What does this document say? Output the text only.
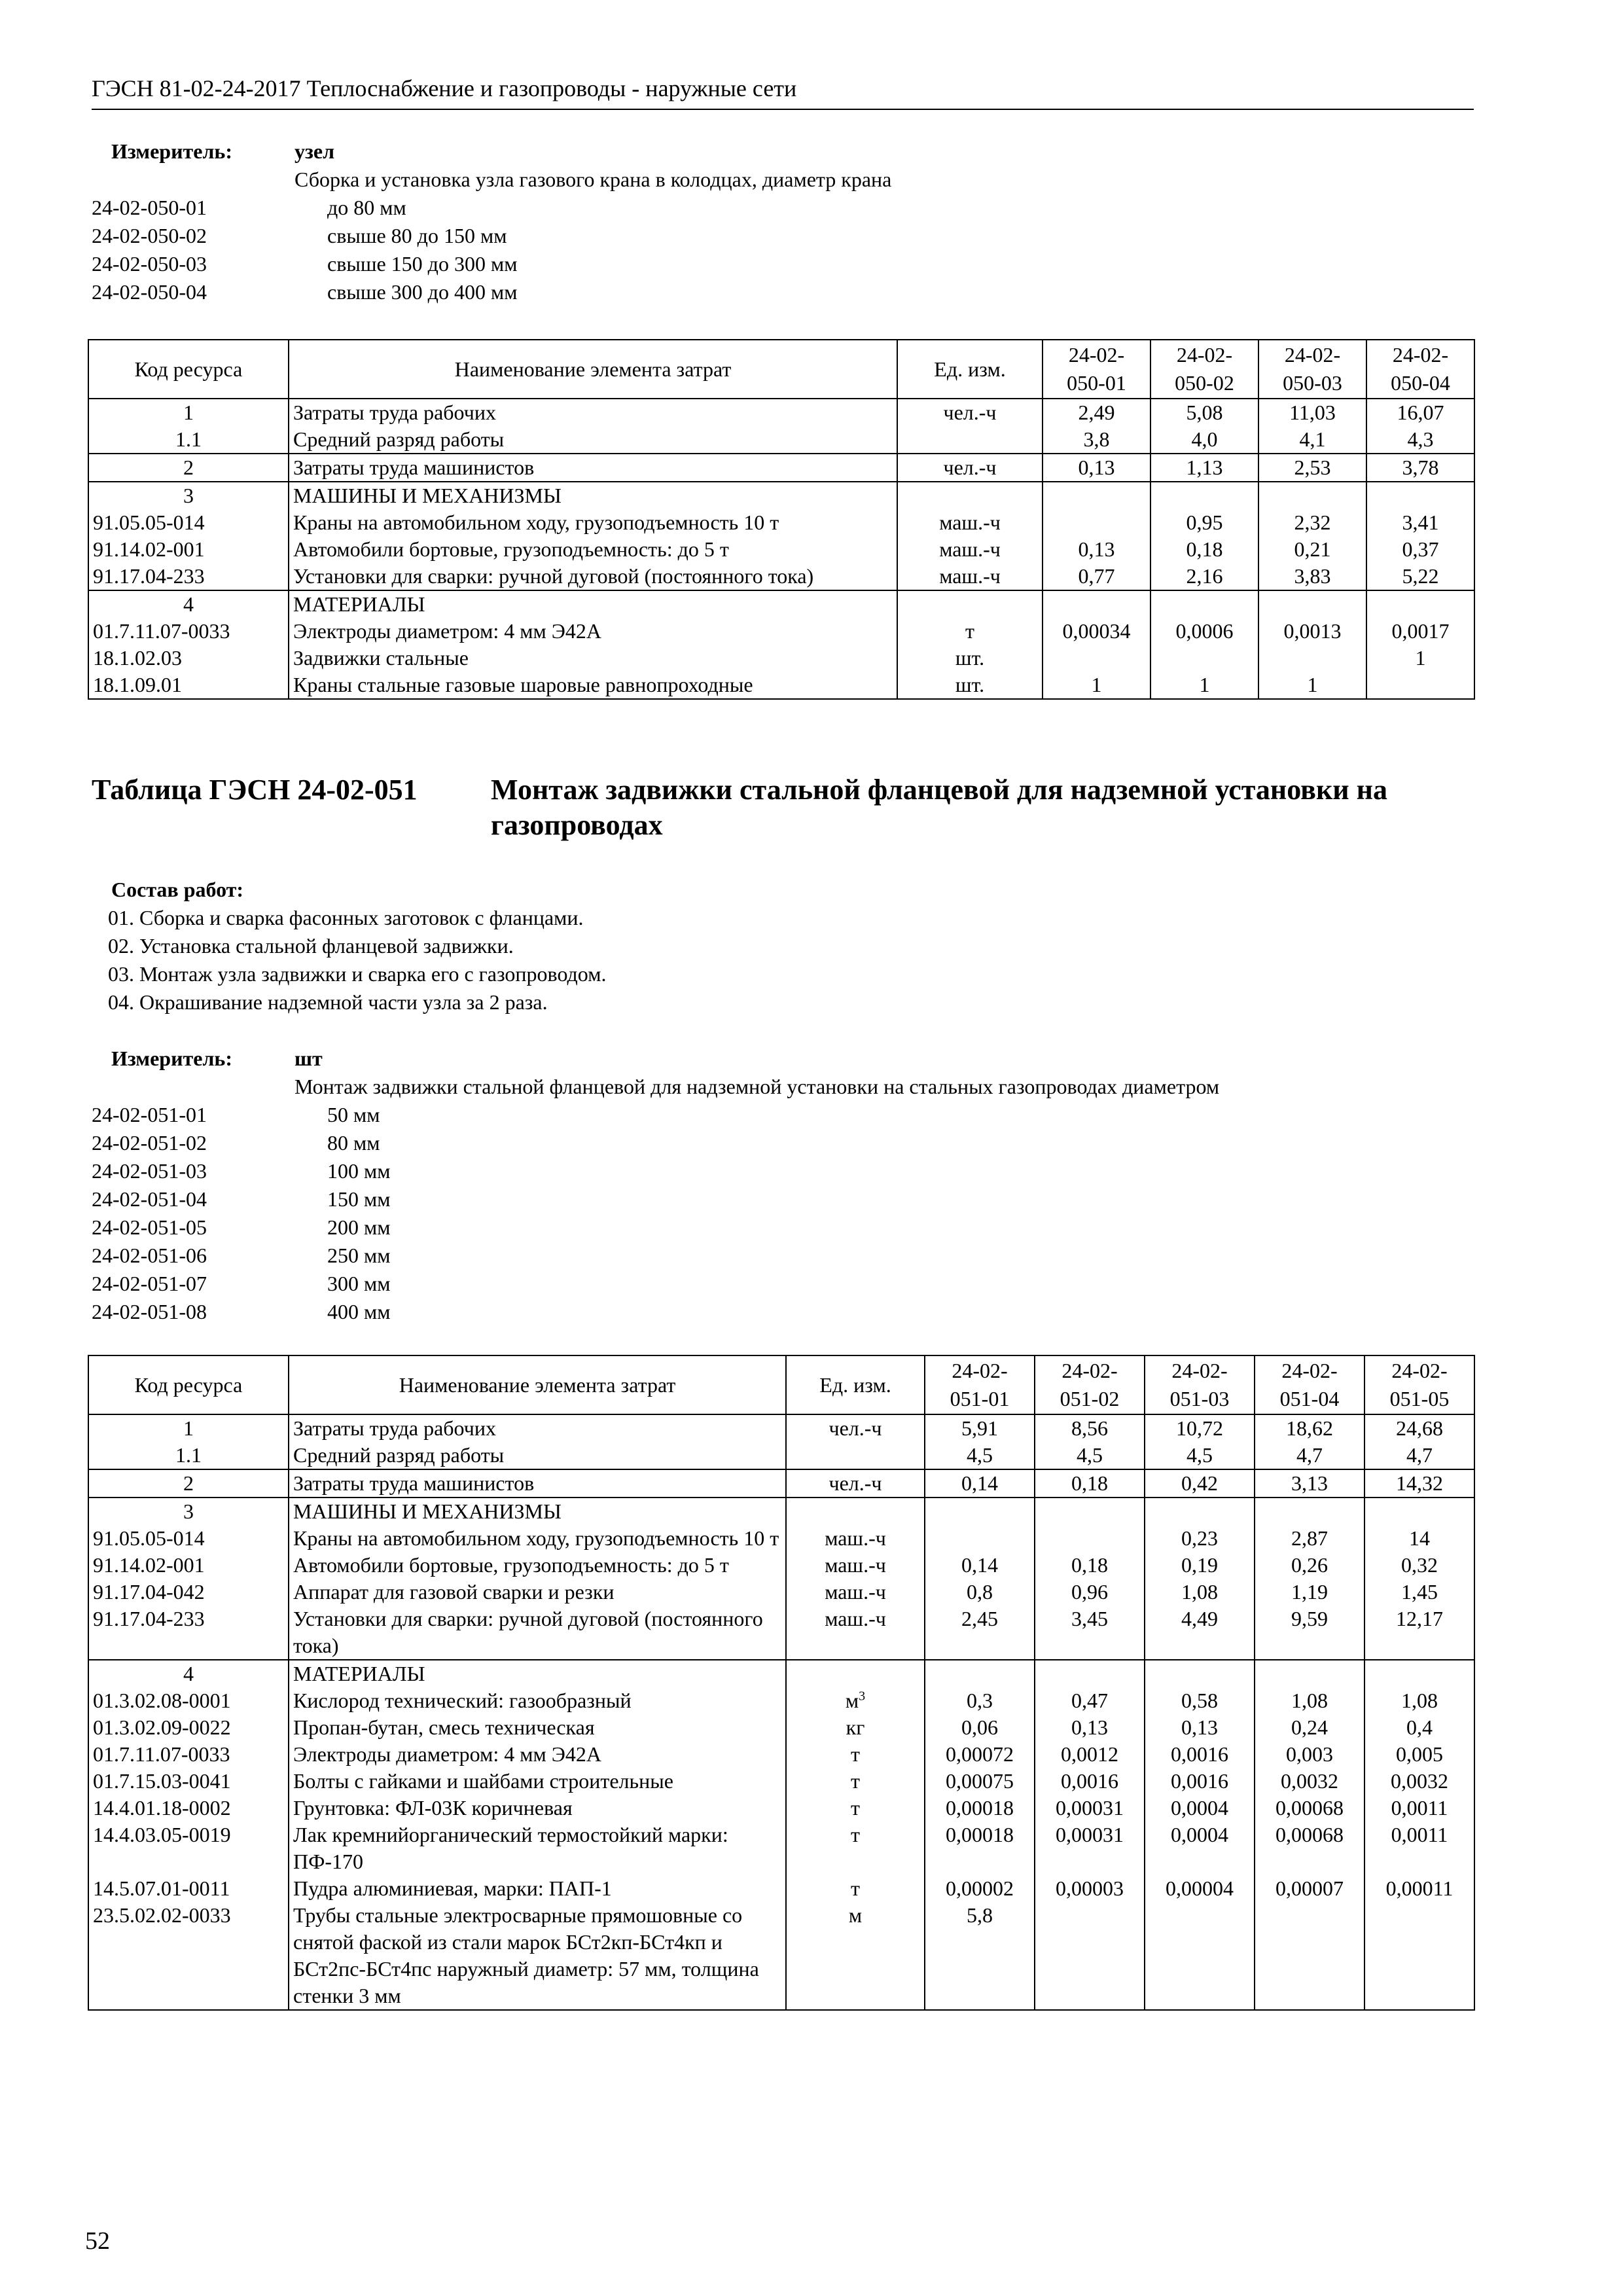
ГЭСН 81-02-24-2017 Теплоснабжение и газопроводы - наружные сети
Измеритель:	узел
Сборка и установка узла газового крана в колодцах, диаметр крана
24-02-050-01	до 80 мм
24-02-050-02	свыше 80 до 150 мм
24-02-050-03	свыше 150 до 300 мм
24-02-050-04	свыше 300 до 400 мм
Код ресурса	Наименование элемента затрат	Ед. изм.	24-02-
050-01	24-02-
050-02	24-02-
050-03	24-02-
050-04
1	Затраты труда рабочих	чел.-ч	2,49	5,08	11,03	16,07
1.1	Средний разряд работы		3,8	4,0	4,1	4,3
2	Затраты труда машинистов	чел.-ч	0,13	1,13	2,53	3,78
3	МАШИНЫ И МЕХАНИЗМЫ					
91.05.05-014	Краны на автомобильном ходу, грузоподъемность 10 т	маш.-ч		0,95	2,32	3,41
91.14.02-001	Автомобили бортовые, грузоподъемность: до 5 т	маш.-ч	0,13	0,18	0,21	0,37
91.17.04-233	Установки для сварки: ручной дуговой (постоянного тока)	маш.-ч	0,77	2,16	3,83	5,22
4	МАТЕРИАЛЫ					
01.7.11.07-0033	Электроды диаметром: 4 мм Э42А	т	0,00034	0,0006	0,0013	0,0017
18.1.02.03	Задвижки стальные	шт.				1
18.1.09.01	Краны стальные газовые шаровые равнопроходные	шт.	1	1	1	
Таблица ГЭСН 24-02-051	Монтаж задвижки стальной фланцевой для надземной установки на газопроводах
Состав работ:
01. Сборка и сварка фасонных заготовок с фланцами.
02. Установка стальной фланцевой задвижки.
03. Монтаж узла задвижки и сварка его с газопроводом.
04. Окрашивание надземной части узла за 2 раза.
Измеритель:	шт
Монтаж задвижки стальной фланцевой для надземной установки на стальных газопроводах диаметром
24-02-051-01	50 мм
24-02-051-02	80 мм
24-02-051-03	100 мм
24-02-051-04	150 мм
24-02-051-05	200 мм
24-02-051-06	250 мм
24-02-051-07	300 мм
24-02-051-08	400 мм
Код ресурса	Наименование элемента затрат	Ед. изм.	24-02-
051-01	24-02-
051-02	24-02-
051-03	24-02-
051-04	24-02-
051-05
1	Затраты труда рабочих	чел.-ч	5,91	8,56	10,72	18,62	24,68
1.1	Средний разряд работы		4,5	4,5	4,5	4,7	4,7
2	Затраты труда машинистов	чел.-ч	0,14	0,18	0,42	3,13	14,32
3	МАШИНЫ И МЕХАНИЗМЫ						
91.05.05-014	Краны на автомобильном ходу, грузоподъемность 10 т	маш.-ч			0,23	2,87	14
91.14.02-001	Автомобили бортовые, грузоподъемность: до 5 т	маш.-ч	0,14	0,18	0,19	0,26	0,32
91.17.04-042	Аппарат для газовой сварки и резки	маш.-ч	0,8	0,96	1,08	1,19	1,45
91.17.04-233	Установки для сварки: ручной дуговой (постоянного тока)	маш.-ч	2,45	3,45	4,49	9,59	12,17
4	МАТЕРИАЛЫ						
01.3.02.08-0001	Кислород технический: газообразный	$м^3$	0,3	0,47	0,58	1,08	1,08
01.3.02.09-0022	Пропан-бутан, смесь техническая	кг	0,06	0,13	0,13	0,24	0,4
01.7.11.07-0033	Электроды диаметром: 4 мм Э42А	т	0,00072	0,0012	0,0016	0,003	0,005
01.7.15.03-0041	Болты с гайками и шайбами строительные	т	0,00075	0,0016	0,0016	0,0032	0,0032
14.4.01.18-0002	Грунтовка: ФЛ-03К коричневая	т	0,00018	0,00031	0,0004	0,00068	0,0011
14.4.03.05-0019	Лак кремнийорганический термостойкий марки: ПФ-170	т	0,00018	0,00031	0,0004	0,00068	0,0011
14.5.07.01-0011	Пудра алюминиевая, марки: ПАП-1	т	0,00002	0,00003	0,00004	0,00007	0,00011
23.5.02.02-0033	Трубы стальные электросварные прямошовные со снятой фаской из стали марок БСт2кп-БСт4кп и БСт2пс-БСт4пс наружный диаметр: 57 мм, толщина стенки 3 мм	м	5,8				
52
